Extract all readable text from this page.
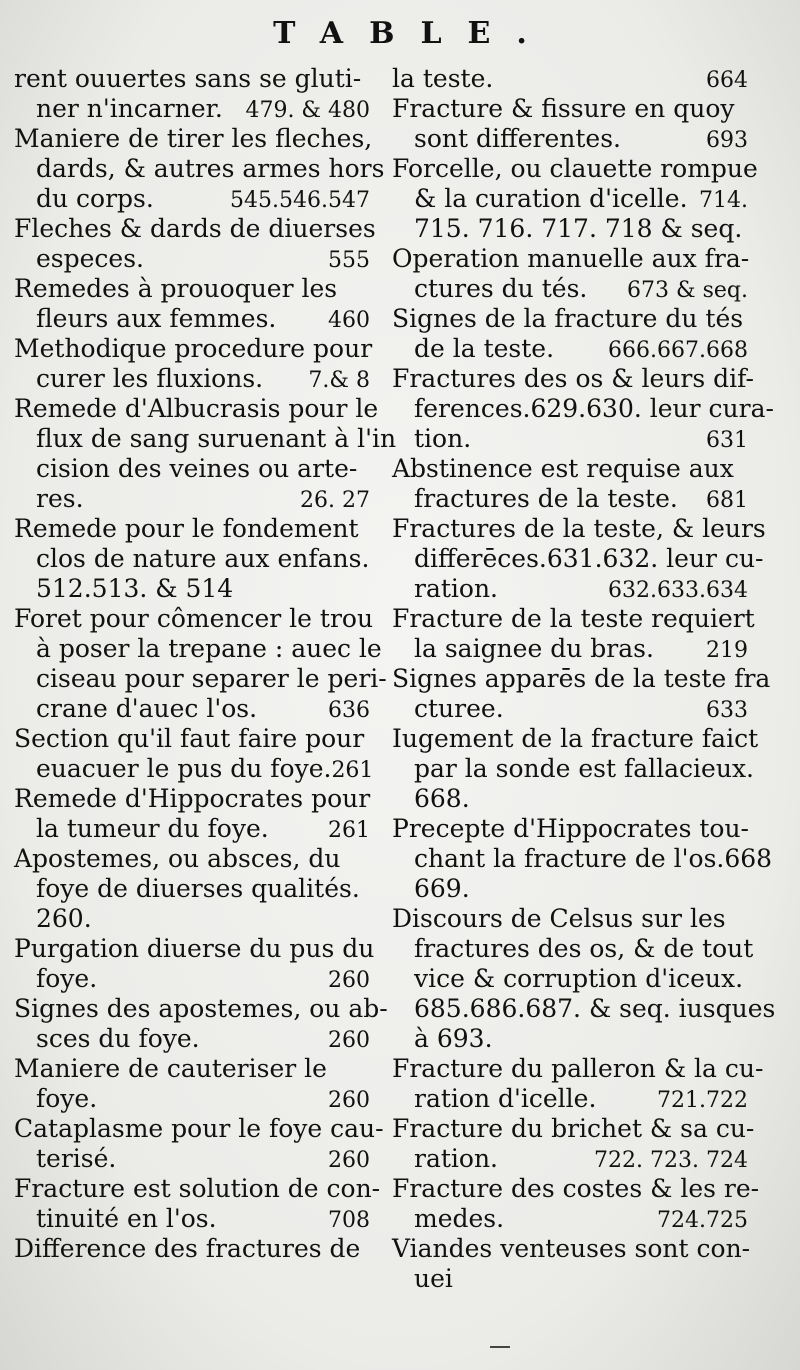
TABLE.
rent ouuertes sans se gluti-
ner n'incarner. 479. & 480
Maniere de tirer les fleches,
dards, & autres armes hors
du corps.	545.546.547
Fleches & dards de diuerses
especes.	555
Remedes à prouoquer les
fleurs aux femmes. 460
Methodique procedure pour
curer les fluxions. 7.& 8
Remede d'Albucrasis pour le
flux de sang suruenant à l'in
cision des veines ou arte-
res.	26. 27
Remede pour le fondement
clos de nature aux enfans.
512.513. & 514
Foret pour cômencer le trou
à poser la trepane : auec le
ciseau pour separer le peri-
crane d'auec l'os.	636
Section qu'il faut faire pour
euacuer le pus du foye. 261
Remede d'Hippocrates pour
la tumeur du foye.	261
Apostemes, ou absces, du
foye de diuerses qualités.
260.
Purgation diuerse du pus du
foye.	260
Signes des apostemes, ou ab-
sces du foye.	260
Maniere de cauteriser le
foye.	260
Cataplasme pour le foye cau-
terisé.	260
Fracture est solution de con-
tinuité en l'os.	708
Difference des fractures de
la teste.	664
Fracture & fissure en quoy
sont differentes.	693
Forcelle, ou clauette rompue
& la curation d'icelle. 714.
715. 716. 717. 718 & seq.
Operation manuelle aux fra-
ctures du tés. 673 & seq.
Signes de la fracture du tés
de la teste. 666.667.668
Fractures des os & leurs dif-
ferences.629.630. leur cura-
tion.	631
Abstinence est requise aux
fractures de la teste. 681
Fractures de la teste, & leurs
differēces.631.632. leur cu-
ration.	632.633.634
Fracture de la teste requiert
la saignee du bras. 219
Signes apparēs de la teste fra
cturee.	633
Iugement de la fracture faict
par la sonde est fallacieux.
668.
Precepte d'Hippocrates tou-
chant la fracture de l'os.668
669.
Discours de Celsus sur les
fractures des os, & de tout
vice & corruption d'iceux.
685.686.687. & seq. iusques
à 693.
Fracture du palleron & la cu-
ration d'icelle.	721.722
Fracture du brichet & sa cu-
ration.	722. 723. 724
Fracture des costes & les re-
medes.	724.725
Viandes venteuses sont con-
uei
